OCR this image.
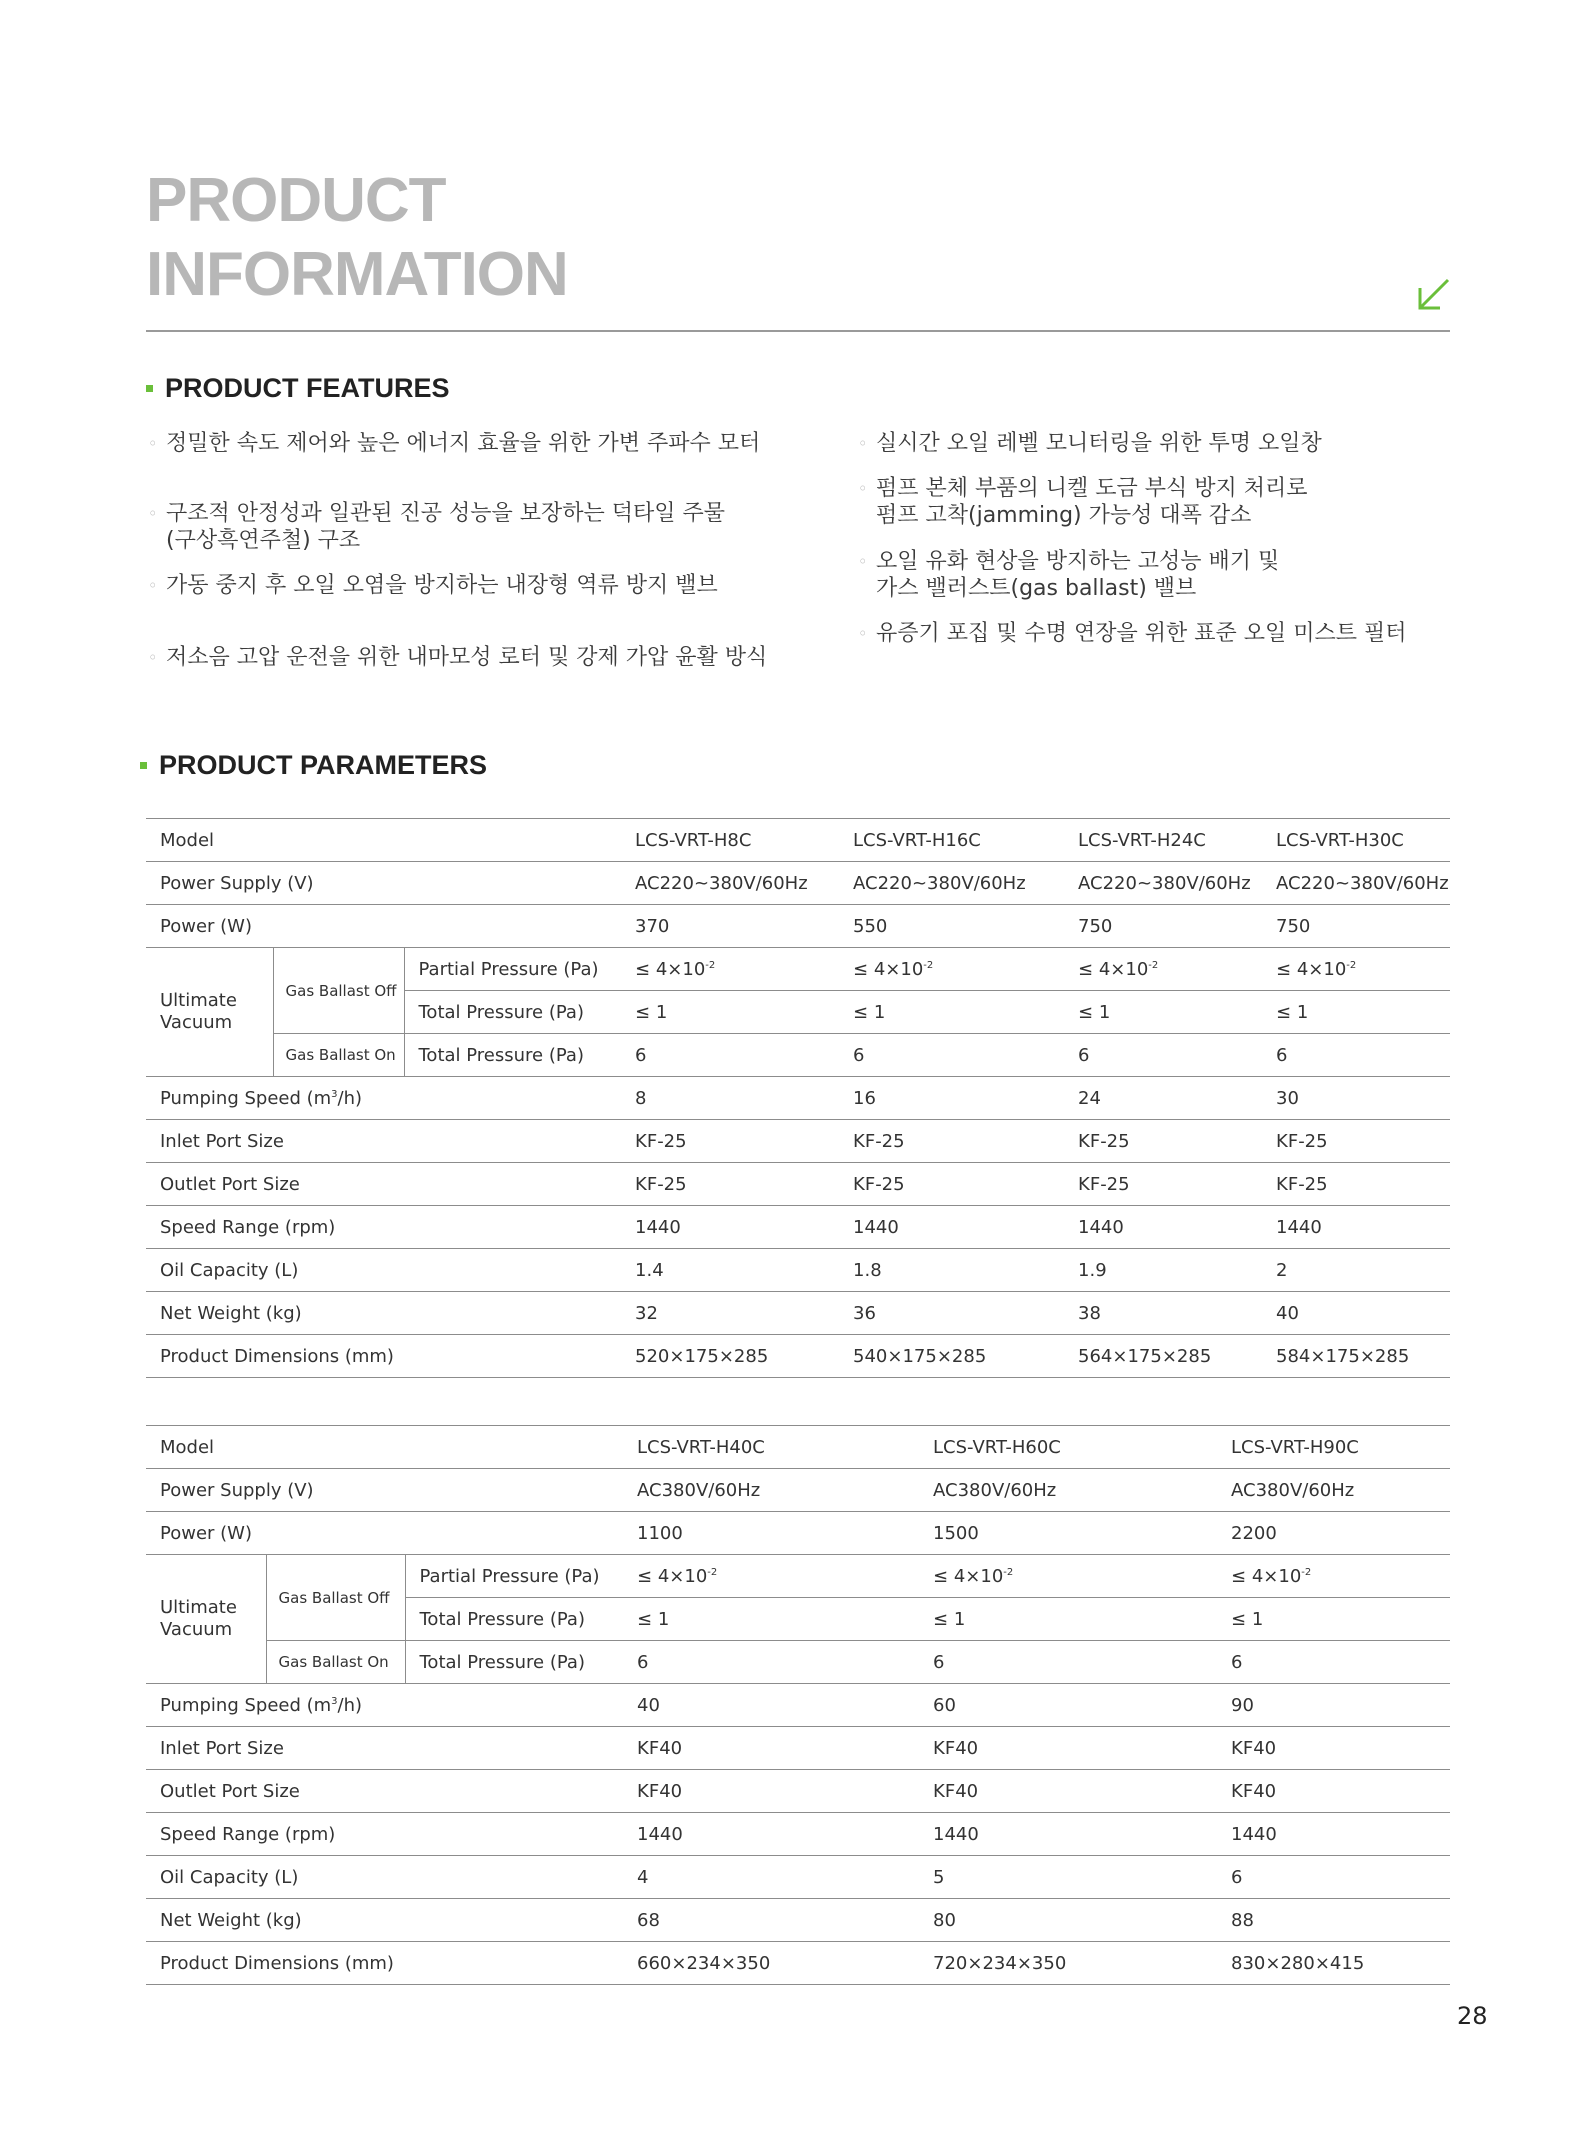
PRODUCT
INFORMATION
PRODUCT FEATURES

◦ 정밀한 속도 제어와 높은 에너지 효율을 위한 가변 주파수 모터

◦ 구조적 안정성과 일관된 진공 성능을 보장하는 덕타일 주물
(구상흑연주철) 구조

◦ 가동 중지 후 오일 오염을 방지하는 내장형 역류 방지 밸브

◦ 저소음 고압 운전을 위한 내마모성 로터 및 강제 가압 윤활 방식

◦ 실시간 오일 레벨 모니터링을 위한 투명 오일창

◦ 펌프 본체 부품의 니켈 도금 부식 방지 처리로
펌프 고착(jamming) 가능성 대폭 감소

◦ 오일 유화 현상을 방지하는 고성능 배기 및
가스 밸러스트(gas ballast) 밸브

◦ 유증기 포집 및 수명 연장을 위한 표준 오일 미스트 필터

PRODUCT PARAMETERS
Model			LCS-VRT-H8C	LCS-VRT-H16C	LCS-VRT-H24C	LCS-VRT-H30C
Power Supply (V)			AC220~380V/60Hz	AC220~380V/60Hz	AC220~380V/60Hz	AC220~380V/60Hz
Power (W)			370	550	750	750
Ultimate
Vacuum	Gas Ballast Off	Partial Pressure (Pa)	≤ $4\times 10^{-2}$	≤ $4\times 10^{-2}$	≤ $4\times 10^{-2}$	≤ $4\times 10^{-2}$
		Total Pressure (Pa)	≤ 1	≤ 1	≤ 1	≤ 1
	Gas Ballast On	Total Pressure (Pa)	6	6	6	6
Pumping Speed $(m^3/h)$			8	16	24	30
Inlet Port Size			KF-25	KF-25	KF-25	KF-25
Outlet Port Size			KF-25	KF-25	KF-25	KF-25
Speed Range (rpm)			1440	1440	1440	1440
Oil Capacity (L)			1.4	1.8	1.9	2
Net Weight (kg)			32	36	38	40
Product Dimensions (mm)			520×175×285	540×175×285	564×175×285	584×175×285
Model			LCS-VRT-H40C	LCS-VRT-H60C	LCS-VRT-H90C
Power Supply (V)			AC380V/60Hz	AC380V/60Hz	AC380V/60Hz
Power (W)			1100	1500	2200
Ultimate
Vacuum	Gas Ballast Off	Partial Pressure (Pa)	≤ $4\times 10^{-2}$	≤ $4\times 10^{-2}$	≤ $4\times 10^{-2}$
		Total Pressure (Pa)	≤ 1	≤ 1	≤ 1
	Gas Ballast On	Total Pressure (Pa)	6	6	6
Pumping Speed $(m^3/h)$			40	60	90
Inlet Port Size			KF40	KF40	KF40
Outlet Port Size			KF40	KF40	KF40
Speed Range (rpm)			1440	1440	1440
Oil Capacity (L)			4	5	6
Net Weight (kg)			68	80	88
Product Dimensions (mm)			660×234×350	720×234×350	830×280×415

28
